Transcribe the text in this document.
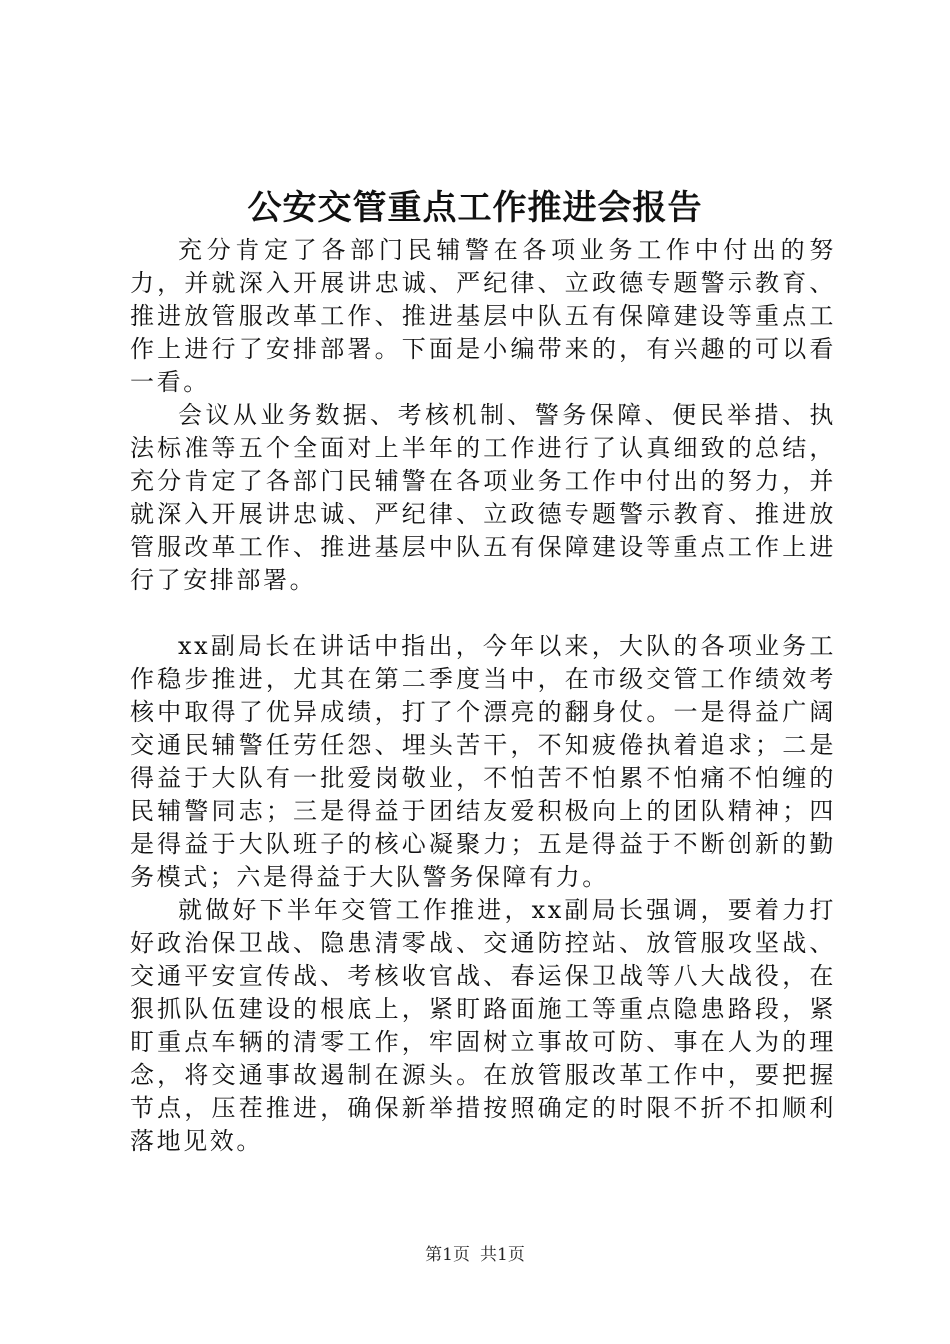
公安交管重点工作推进会报告

充分肯定了各部门民辅警在各项业务工作中付出的努力，并就深入开展讲忠诚、严纪律、立政德专题警示教育、推进放管服改革工作、推进基层中队五有保障建设等重点工作上进行了安排部署。下面是小编带来的，有兴趣的可以看一看。

会议从业务数据、考核机制、警务保障、便民举措、执法标准等五个全面对上半年的工作进行了认真细致的总结，充分肯定了各部门民辅警在各项业务工作中付出的努力，并就深入开展讲忠诚、严纪律、立政德专题警示教育、推进放管服改革工作、推进基层中队五有保障建设等重点工作上进行了安排部署。

xx副局长在讲话中指出，今年以来，大队的各项业务工作稳步推进，尤其在第二季度当中，在市级交管工作绩效考核中取得了优异成绩，打了个漂亮的翻身仗。一是得益广阔交通民辅警任劳任怨、埋头苦干，不知疲倦执着追求；二是得益于大队有一批爱岗敬业，不怕苦不怕累不怕痛不怕缠的民辅警同志；三是得益于团结友爱积极向上的团队精神；四是得益于大队班子的核心凝聚力；五是得益于不断创新的勤务模式；六是得益于大队警务保障有力。

就做好下半年交管工作推进，xx副局长强调，要着力打好政治保卫战、隐患清零战、交通防控站、放管服攻坚战、交通平安宣传战、考核收官战、春运保卫战等八大战役，在狠抓队伍建设的根底上，紧盯路面施工等重点隐患路段，紧盯重点车辆的清零工作，牢固树立事故可防、事在人为的理念，将交通事故遏制在源头。在放管服改革工作中，要把握节点，压茬推进，确保新举措按照确定的时限不折不扣顺利落地见效。

第1页 共1页
